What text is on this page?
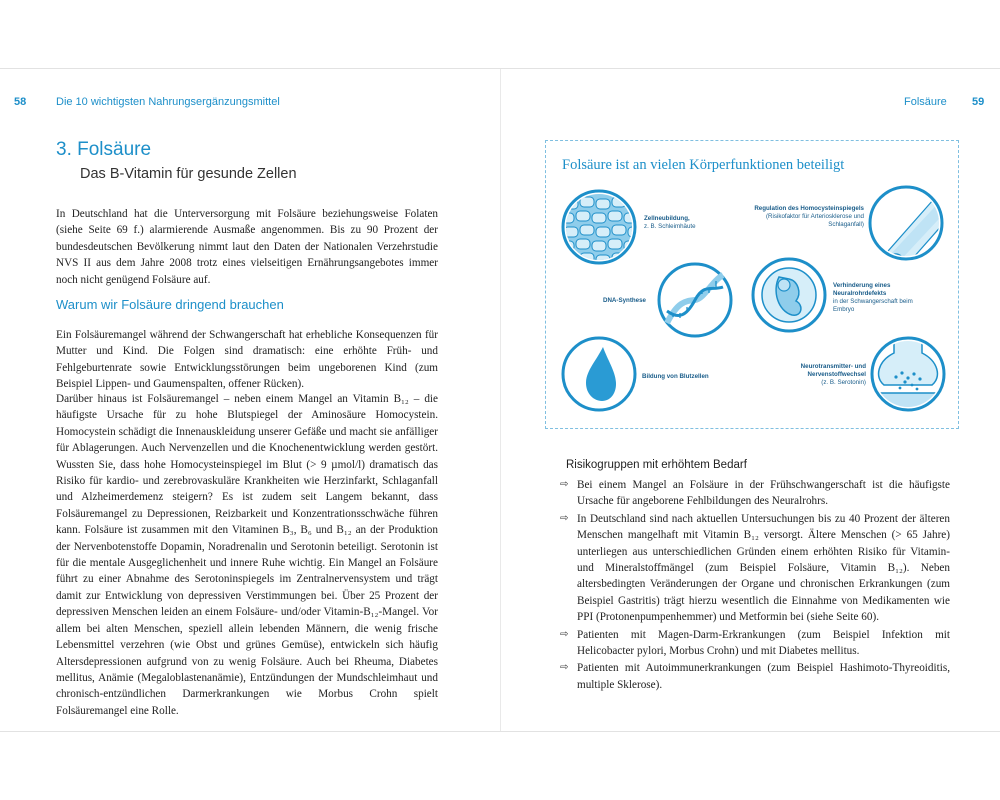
58	Die 10 wichtigsten Nahrungsergänzungsmittel
3. Folsäure
Das B-Vitamin für gesunde Zellen

In Deutschland hat die Unterversorgung mit Folsäure beziehungsweise Folaten (siehe Seite 69 f.) alarmierende Ausmaße angenommen. Bis zu 90 Prozent der bundesdeutschen Bevölkerung nimmt laut den Daten der Nationalen Verzehrstudie NVS II aus dem Jahre 2008 trotz eines vielseitigen Ernährungsangebotes immer noch nicht genügend Folsäure auf.

Warum wir Folsäure dringend brauchen

Ein Folsäuremangel während der Schwangerschaft hat erhebliche Konsequenzen für Mutter und Kind. Die Folgen sind dramatisch: eine erhöhte Früh- und Fehlgeburtenrate sowie Entwicklungsstörungen beim ungeborenen Kind (zum Beispiel Lippen- und Gaumenspalten, offener Rücken).

Darüber hinaus ist Folsäuremangel – neben einem Mangel an Vitamin B₁₂ – die häufigste Ursache für zu hohe Blutspiegel der Aminosäure Homocystein. Homocystein schädigt die Innenauskleidung unserer Gefäße und macht sie anfälliger für Ablagerungen. Auch Nervenzellen und die Knochenentwicklung werden gestört. Wussten Sie, dass hohe Homocysteinspiegel im Blut (> 9 µmol/l) dramatisch das Risiko für kardio- und zerebrovaskuläre Krankheiten wie Herzinfarkt, Schlaganfall und Alzheimerdemenz steigern? Es ist zudem seit Langem bekannt, dass Folsäuremangel zu Depressionen, Reizbarkeit und Konzentrationsschwäche führen kann. Folsäure ist zusammen mit den Vitaminen B₃, B₆ und B₁₂ an der Produktion der Nervenbotenstoffe Dopamin, Noradrenalin und Serotonin beteiligt. Serotonin ist für die mentale Ausgeglichenheit und innere Ruhe wichtig. Ein Mangel an Folsäure führt zu einer Abnahme des Serotoninspiegels im Zentralnervensystem und trägt damit zur Entwicklung von depressiven Verstimmungen bei. Über 25 Prozent der depressiven Menschen leiden an einem Folsäure- und/oder Vitamin-B₁₂-Mangel. Vor allem bei alten Menschen, speziell allein lebenden Männern, die wenig frische Lebensmittel verzehren (wie Obst und grünes Gemüse), entwickeln sich häufig Altersdepressionen aufgrund von zu wenig Folsäure. Auch bei Rheuma, Diabetes mellitus, Anämie (Megaloblastenanämie), Entzündungen der Mundschleimhaut und chronisch-entzündlichen Darmerkrankungen wie Morbus Crohn spielt Folsäuremangel eine Rolle.

Folsäure 59
Folsäure ist an vielen Körperfunktionen beteiligt
Zellneubildung,
z. B. Schleimhäute
Regulation des Homocysteinspiegels
(Risikofaktor für Arteriosklerose und Schlaganfall)
DNA-Synthese
Verhinderung eines Neuralrohrdefekts
in der Schwangerschaft beim Embryo
Bildung von Blutzellen
Neurotransmitter- und Nervenstoffwechsel
(z. B. Serotonin)
Risikogruppen mit erhöhtem Bedarf
⇨ Bei einem Mangel an Folsäure in der Frühschwangerschaft ist die häufigste Ursache für angeborene Fehlbildungen des Neuralrohrs.
⇨ In Deutschland sind nach aktuellen Untersuchungen bis zu 40 Prozent der älteren Menschen mangelhaft mit Vitamin B₁₂ versorgt. Ältere Menschen (> 65 Jahre) unterliegen aus unterschiedlichen Gründen einem erhöhten Risiko für Vitamin- und Mineralstoffmängel (zum Beispiel Folsäure, Vitamin B₁₂). Neben altersbedingten Veränderungen der Organe und chronischen Erkrankungen (zum Beispiel Gastritis) trägt hierzu wesentlich die Einnahme von Medikamenten wie PPI (Protonenpumpenhemmer) und Metformin bei (siehe Seite 60).
⇨ Patienten mit Magen-Darm-Erkrankungen (zum Beispiel Infektion mit Helicobacter pylori, Morbus Crohn) und mit Diabetes mellitus.
⇨ Patienten mit Autoimmunerkrankungen (zum Beispiel Hashimoto-Thyreoiditis, multiple Sklerose).
